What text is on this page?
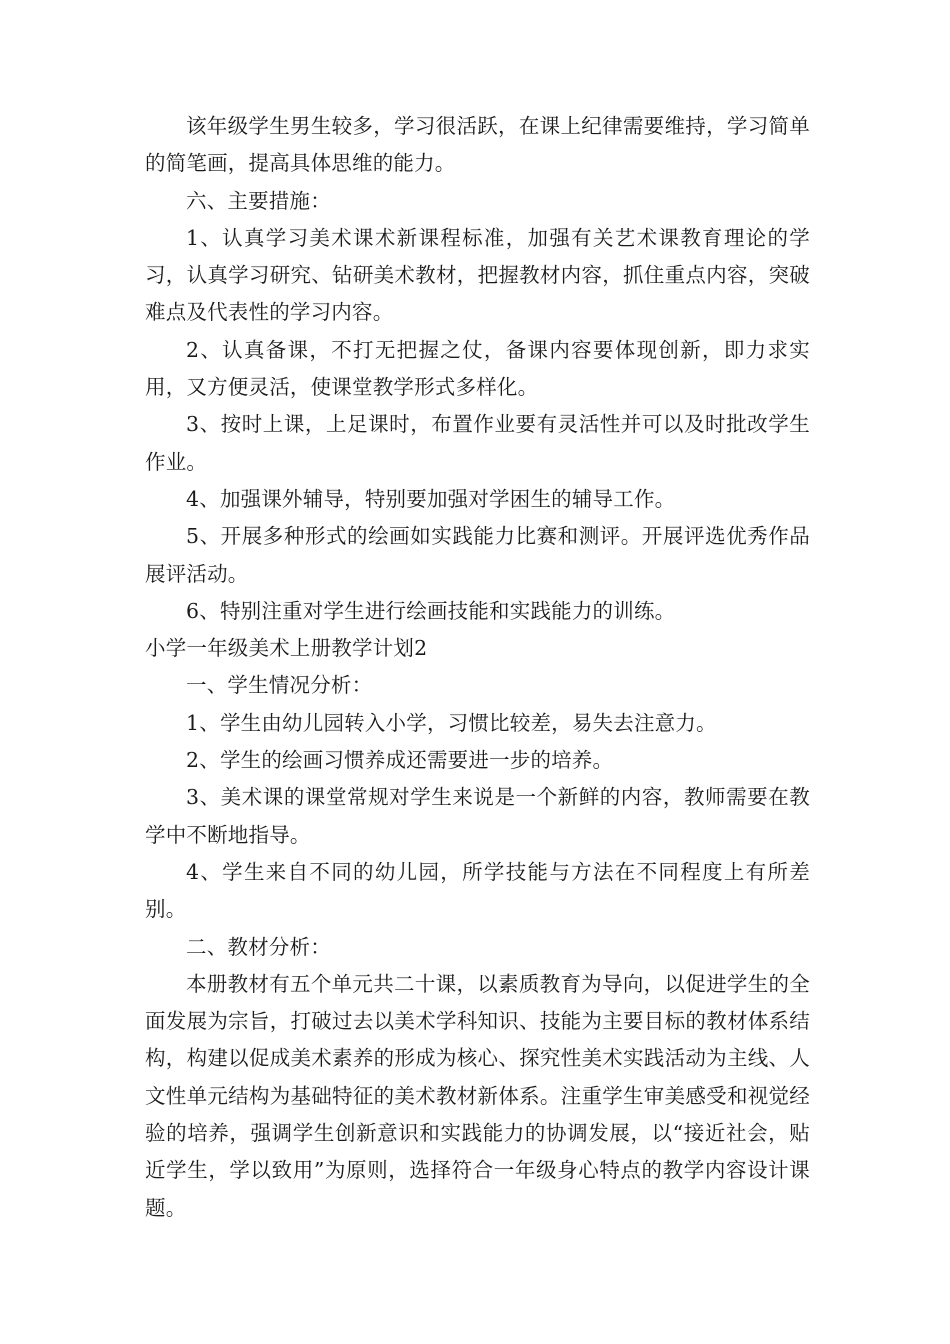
该年级学生男生较多，学习很活跃，在课上纪律需要维持，学习简单的简笔画，提高具体思维的能力。

六、主要措施：

1、认真学习美术课术新课程标准，加强有关艺术课教育理论的学习，认真学习研究、钻研美术教材，把握教材内容，抓住重点内容，突破难点及代表性的学习内容。

2、认真备课，不打无把握之仗，备课内容要体现创新，即力求实用，又方便灵活，使课堂教学形式多样化。

3、按时上课，上足课时，布置作业要有灵活性并可以及时批改学生作业。

4、加强课外辅导，特别要加强对学困生的辅导工作。

5、开展多种形式的绘画如实践能力比赛和测评。开展评选优秀作品展评活动。

6、特别注重对学生进行绘画技能和实践能力的训练。

小学一年级美术上册教学计划2

一、学生情况分析：

1、学生由幼儿园转入小学，习惯比较差，易失去注意力。

2、学生的绘画习惯养成还需要进一步的培养。

3、美术课的课堂常规对学生来说是一个新鲜的内容，教师需要在教学中不断地指导。

4、学生来自不同的幼儿园，所学技能与方法在不同程度上有所差别。

二、教材分析：

本册教材有五个单元共二十课，以素质教育为导向，以促进学生的全面发展为宗旨，打破过去以美术学科知识、技能为主要目标的教材体系结构，构建以促成美术素养的形成为核心、探究性美术实践活动为主线、人文性单元结构为基础特征的美术教材新体系。注重学生审美感受和视觉经验的培养，强调学生创新意识和实践能力的协调发展，以“接近社会，贴近学生，学以致用”为原则，选择符合一年级身心特点的教学内容设计课题。
